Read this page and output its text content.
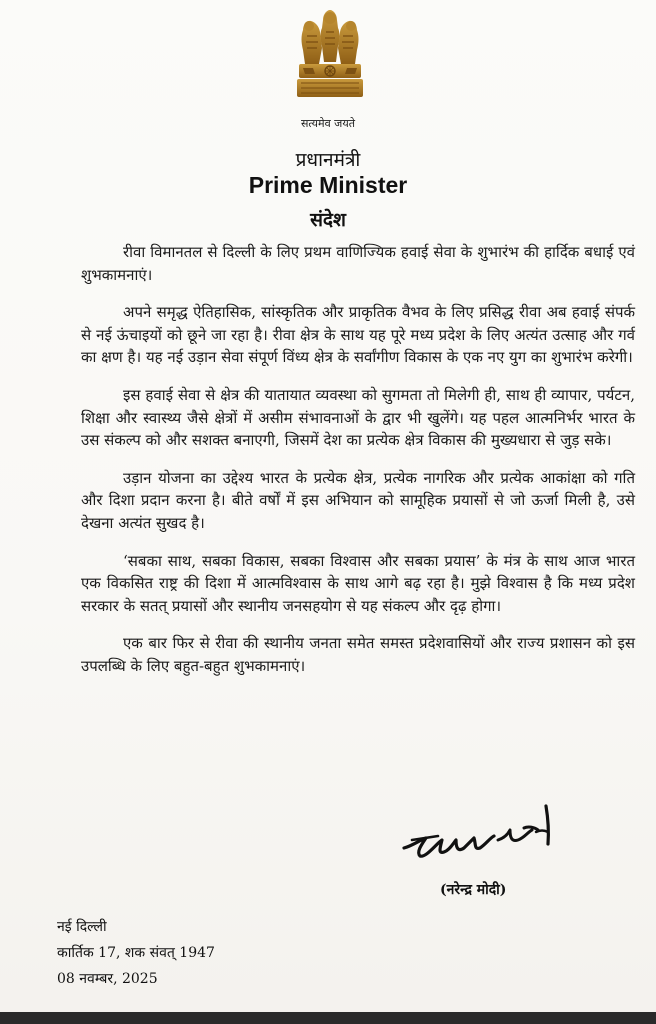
सत्यमेव जयते
प्रधानमंत्री
Prime Minister
संदेश

रीवा विमानतल से दिल्ली के लिए प्रथम वाणिज्यिक हवाई सेवा के शुभारंभ की हार्दिक बधाई एवं शुभकामनाएं।

अपने समृद्ध ऐतिहासिक, सांस्कृतिक और प्राकृतिक वैभव के लिए प्रसिद्ध रीवा अब हवाई संपर्क से नई ऊंचाइयों को छूने जा रहा है। रीवा क्षेत्र के साथ यह पूरे मध्य प्रदेश के लिए अत्यंत उत्साह और गर्व का क्षण है। यह नई उड़ान सेवा संपूर्ण विंध्य क्षेत्र के सर्वांगीण विकास के एक नए युग का शुभारंभ करेगी।

इस हवाई सेवा से क्षेत्र की यातायात व्यवस्था को सुगमता तो मिलेगी ही, साथ ही व्यापार, पर्यटन, शिक्षा और स्वास्थ्य जैसे क्षेत्रों में असीम संभावनाओं के द्वार भी खुलेंगे। यह पहल आत्मनिर्भर भारत के उस संकल्प को और सशक्त बनाएगी, जिसमें देश का प्रत्येक क्षेत्र विकास की मुख्यधारा से जुड़ सके।

उड़ान योजना का उद्देश्य भारत के प्रत्येक क्षेत्र, प्रत्येक नागरिक और प्रत्येक आकांक्षा को गति और दिशा प्रदान करना है। बीते वर्षों में इस अभियान को सामूहिक प्रयासों से जो ऊर्जा मिली है, उसे देखना अत्यंत सुखद है।

‘सबका साथ, सबका विकास, सबका विश्वास और सबका प्रयास’ के मंत्र के साथ आज भारत एक विकसित राष्ट्र की दिशा में आत्मविश्वास के साथ आगे बढ़ रहा है। मुझे विश्वास है कि मध्य प्रदेश सरकार के सतत् प्रयासों और स्थानीय जनसहयोग से यह संकल्प और दृढ़ होगा।

एक बार फिर से रीवा की स्थानीय जनता समेत समस्त प्रदेशवासियों और राज्य प्रशासन को इस उपलब्धि के लिए बहुत-बहुत शुभकामनाएं।

(नरेन्द्र मोदी)
नई दिल्ली
कार्तिक 17, शक संवत् 1947
08 नवम्बर, 2025
